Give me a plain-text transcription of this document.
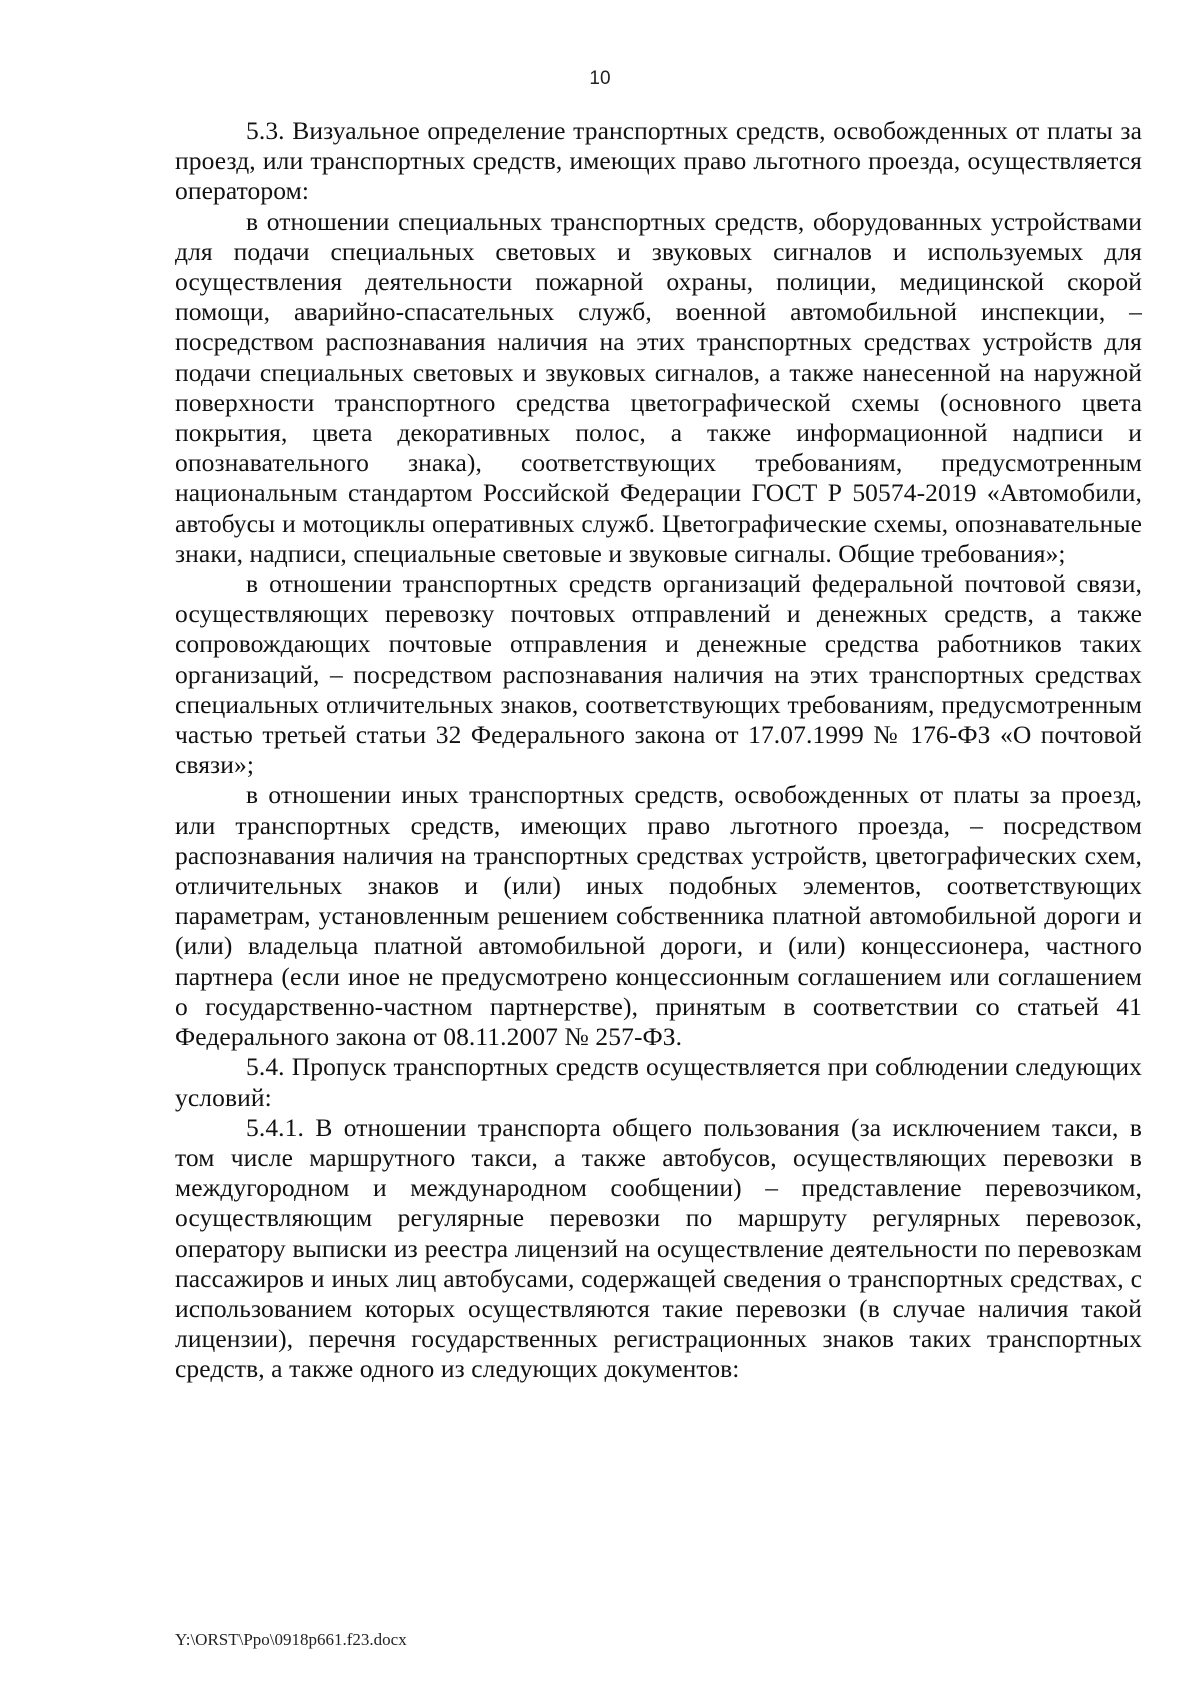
10

5.3. Визуальное определение транспортных средств, освобожденных от платы за проезд, или транспортных средств, имеющих право льготного проезда, осуществляется оператором:

в отношении специальных транспортных средств, оборудованных устройствами для подачи специальных световых и звуковых сигналов и используемых для осуществления деятельности пожарной охраны, полиции, медицинской скорой помощи, аварийно-спасательных служб, военной автомобильной инспекции, – посредством распознавания наличия на этих транспортных средствах устройств для подачи специальных световых и звуковых сигналов, а также нанесенной на наружной поверхности транспортного средства цветографической схемы (основного цвета покрытия, цвета декоративных полос, а также информационной надписи и опознавательного знака), соответствующих требованиям, предусмотренным национальным стандартом Российской Федерации ГОСТ Р 50574-2019 «Автомобили, автобусы и мотоциклы оперативных служб. Цветографические схемы, опознавательные знаки, надписи, специальные световые и звуковые сигналы. Общие требования»;

в отношении транспортных средств организаций федеральной почтовой связи, осуществляющих перевозку почтовых отправлений и денежных средств, а также сопровождающих почтовые отправления и денежные средства работников таких организаций, – посредством распознавания наличия на этих транспортных средствах специальных отличительных знаков, соответствующих требованиям, предусмотренным частью третьей статьи 32 Федерального закона от 17.07.1999 № 176-ФЗ «О почтовой связи»;

в отношении иных транспортных средств, освобожденных от платы за проезд, или транспортных средств, имеющих право льготного проезда, – посредством распознавания наличия на транспортных средствах устройств, цветографических схем, отличительных знаков и (или) иных подобных элементов, соответствующих параметрам, установленным решением собственника платной автомобильной дороги и (или) владельца платной автомобильной дороги, и (или) концессионера, частного партнера (если иное не предусмотрено концессионным соглашением или соглашением о государственно-частном партнерстве), принятым в соответствии со статьей 41 Федерального закона от 08.11.2007 № 257-ФЗ.

5.4. Пропуск транспортных средств осуществляется при соблюдении следующих условий:

5.4.1. В отношении транспорта общего пользования (за исключением такси, в том числе маршрутного такси, а также автобусов, осуществляющих перевозки в междугородном и международном сообщении) – представление перевозчиком, осуществляющим регулярные перевозки по маршруту регулярных перевозок, оператору выписки из реестра лицензий на осуществление деятельности по перевозкам пассажиров и иных лиц автобусами, содержащей сведения о транспортных средствах, с использованием которых осуществляются такие перевозки (в случае наличия такой лицензии), перечня государственных регистрационных знаков таких транспортных средств, а также одного из следующих документов:

Y:\ORST\Ppo\0918p661.f23.docx
